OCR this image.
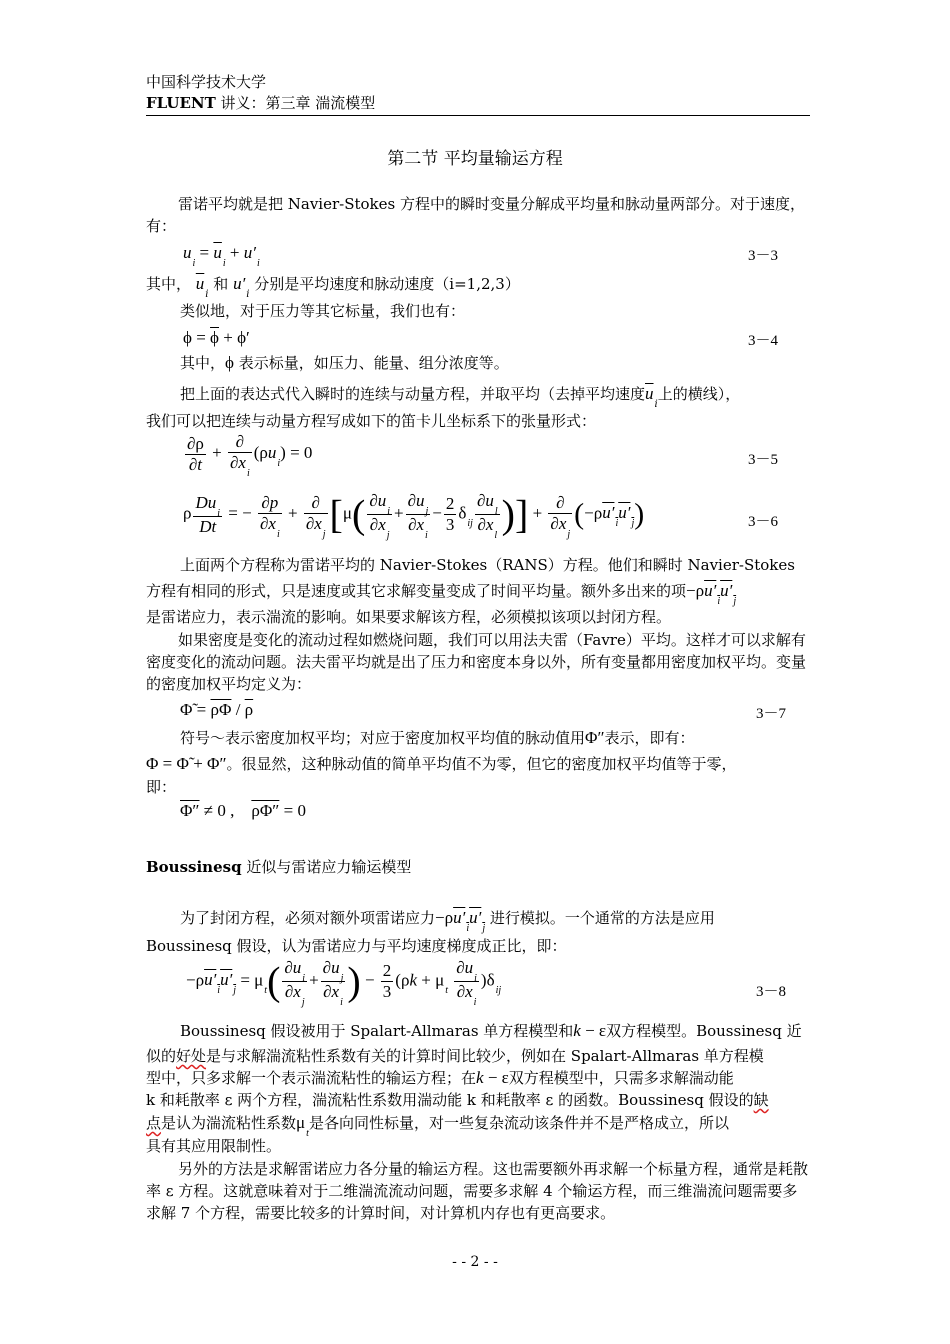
中国科学技术大学
FLUENT 讲义：第三章 湍流模型
第二节 平均量输运方程
雷诺平均就是把 Navier-Stokes 方程中的瞬时变量分解成平均量和脉动量两部分。对于速度，有：
$u_i = \overline{u}_i + u'_i$	3－3
其中， $\overline{u}_i$ 和 $u'_i$ 分别是平均速度和脉动速度（i=1,2,3）
类似地，对于压力等其它标量，我们也有：
$\phi = \overline{\phi} + \phi'$	3－4
其中，ϕ 表示标量，如压力、能量、组分浓度等。
把上面的表达式代入瞬时的连续与动量方程，并取平均（去掉平均速度$\overline{u}_i$上的横线），
我们可以把连续与动量方程写成如下的笛卡儿坐标系下的张量形式：
$\frac{\partial\rho}{\partial t} + \frac{\partial}{\partial x_i} (\rho u_i) = 0$	3－5
ρ $\frac{Du_i}{Dt}$ = − $\frac{\partial p}{\partial x_i} + \frac{\partial}{\partial x_j} [\mu( \frac{\partial u_i}{\partial x_j} + \frac{\partial u_j}{\partial x_i} - \frac{2}{3} \delta_{ij} \frac{\partial u_l}{\partial x_l}$ )] + $\frac{\partial}{\partial x_j} (-\rho u'_iu'_j)$	3－6
上面两个方程称为雷诺平均的 Navier-Stokes（RANS）方程。他们和瞬时 Navier-Stokes
方程有相同的形式，只是速度或其它求解变量变成了时间平均量。额外多出来的项$-\rho u'_iu'_j$
是雷诺应力，表示湍流的影响。如果要求解该方程，必须模拟该项以封闭方程。
如果密度是变化的流动过程如燃烧问题，我们可以用法夫雷（Favre）平均。这样才可以求解有密度变化的流动问题。法夫雷平均就是出了压力和密度本身以外，所有变量都用密度加权平均。变量的密度加权平均定义为：
Φ̃ = $\overline{\rho\Phi} / \overline{\rho}$	3－7
符号～表示密度加权平均；对应于密度加权平均值的脉动值用Φ″表示，即有：
Φ = Φ̃ + Φ″。很显然，这种脉动值的简单平均值不为零，但它的密度加权平均值等于零，
即：
Φ″ ≠ 0 ,    ρΦ″ = 0
Boussinesq 近似与雷诺应力输运模型
为了封闭方程，必须对额外项雷诺应力$-\rho u'_iu'_j$ 进行模拟。一个通常的方法是应用
Boussinesq 假设，认为雷诺应力与平均速度梯度成正比，即：
$-\rho u'_iu'_j = \mu_t( \frac{\partial u_i}{\partial x_j} + \frac{\partial u_j}{\partial x_i}$ ) − $\frac{2}{3} (\rho k + \mu_t \frac{\partial u_i}{\partial x_i} )\delta_{ij}$	3－8
Boussinesq 假设被用于 Spalart-Allmaras 单方程模型和k − ε双方程模型。Boussinesq 近
似的好处是与求解湍流粘性系数有关的计算时间比较少，例如在 Spalart-Allmaras 单方程模
型中，只多求解一个表示湍流粘性的输运方程；在k − ε双方程模型中，只需多求解湍动能
k 和耗散率 ε 两个方程，湍流粘性系数用湍动能 k 和耗散率 ε 的函数。Boussinesq 假设的缺
点是认为湍流粘性系数$\mu_t$是各向同性标量，对一些复杂流动该条件并不是严格成立，所以
具有其应用限制性。
另外的方法是求解雷诺应力各分量的输运方程。这也需要额外再求解一个标量方程，通常是耗散率 ε 方程。这就意味着对于二维湍流流动问题，需要多求解 4 个输运方程，而三维湍流问题需要多求解 7 个方程，需要比较多的计算时间，对计算机内存也有更高要求。
- - 2 - -
